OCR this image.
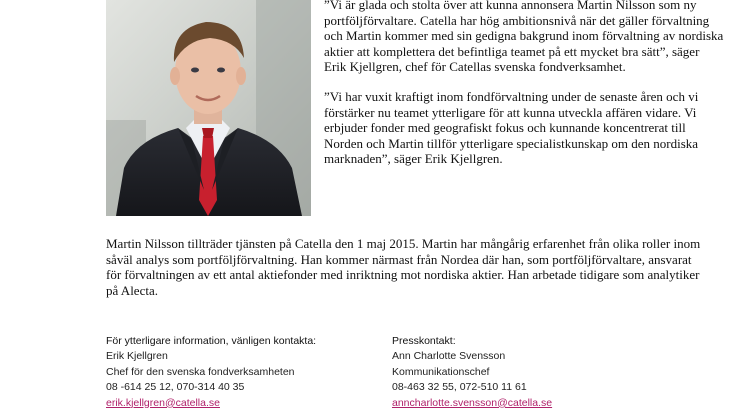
”Vi är glada och stolta över att kunna annonsera Martin Nilsson som ny portföljförvaltare. Catella har hög ambitionsnivå när det gäller förvaltning och Martin kommer med sin gedigna bakgrund inom förvaltning av nordiska aktier att komplettera det befintliga teamet på ett mycket bra sätt”, säger Erik Kjellgren, chef för Catellas svenska fondverksamhet.

”Vi har vuxit kraftigt inom fondförvaltning under de senaste åren och vi förstärker nu teamet ytterligare för att kunna utveckla affären vidare. Vi erbjuder fonder med geografiskt fokus och kunnande koncentrerat till Norden och Martin tillför ytterligare specialistkunskap om den nordiska marknaden”, säger Erik Kjellgren.

Martin Nilsson tillträder tjänsten på Catella den 1 maj 2015. Martin har mångårig erfarenhet från olika roller inom såväl analys som portföljförvaltning. Han kommer närmast från Nordea där han, som portföljförvaltare, ansvarat för förvaltningen av ett antal aktiefonder med inriktning mot nordiska aktier. Han arbetade tidigare som analytiker på Alecta.

För ytterligare information, vänligen kontakta:
Erik Kjellgren
Chef för den svenska fondverksamheten
08 -614 25 12, 070-314 40 35
erik.kjellgren@catella.se
Presskontakt:
Ann Charlotte Svensson
Kommunikationschef
08-463 32 55, 072-510 11 61
anncharlotte.svensson@catella.se
